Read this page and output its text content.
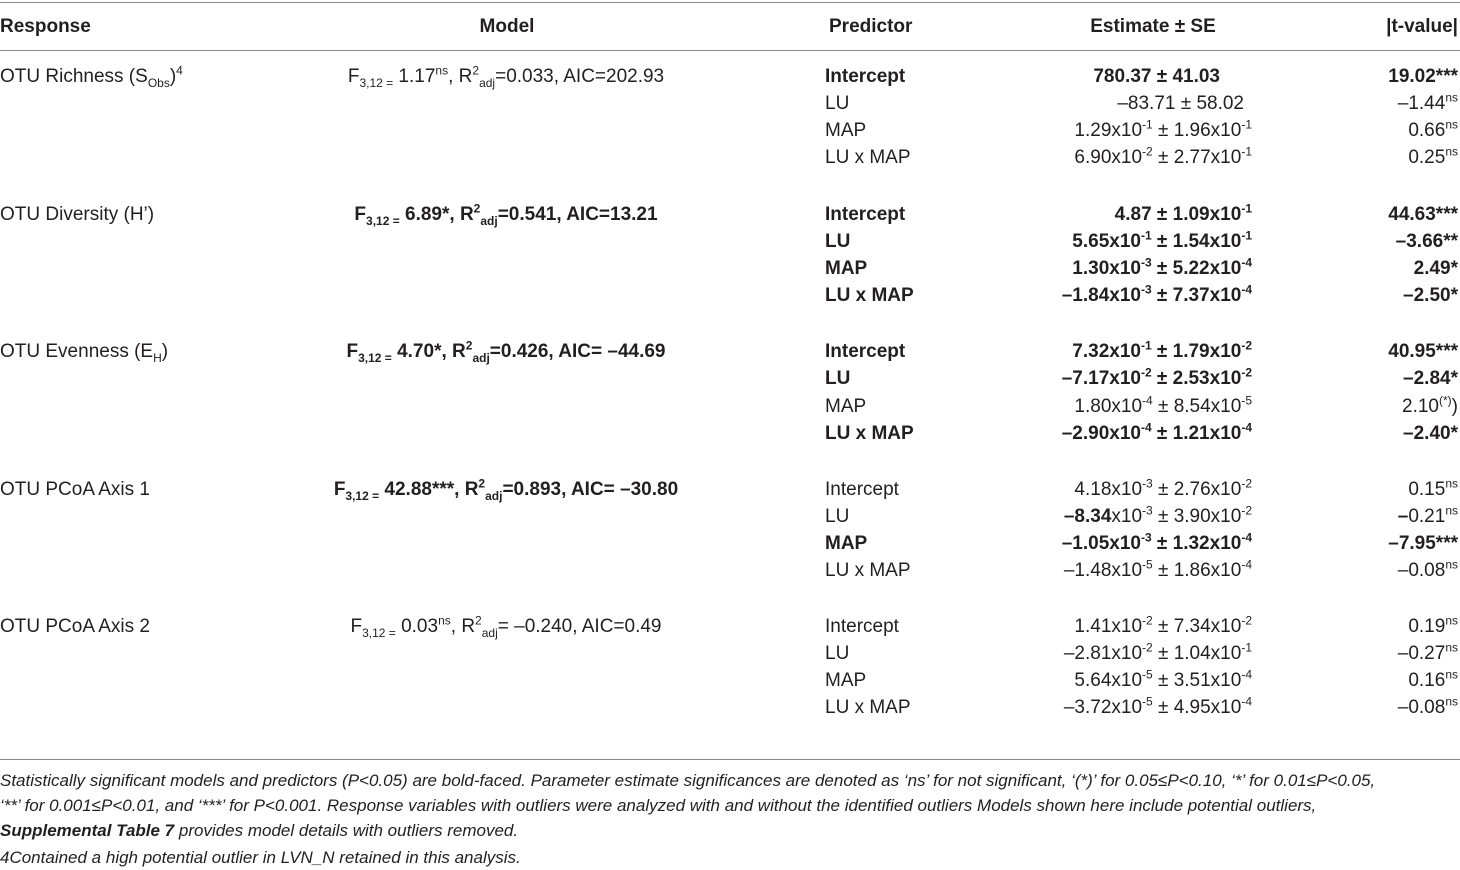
Response	Model	Predictor	Estimate ± SE	|t-value|
OTU Richness $(S_{Obs})^4$	$F_{3,12 =}$ $1.17^{ns}$, $R^2_{adj}=0.033$, AIC=202.93	Intercept	780.37 ± 41.03	19.02***
LU	–83.71 ± 58.02	$-1.44^{ns}$
MAP	$1.29x10^{-1} \pm 1.96x10^{-1}$	$0.66^{ns}$
LU x MAP	$6.90x10^{-2} \pm 2.77x10^{-1}$	$0.25^{ns}$
OTU Diversity (H’)	$F_{3,12 =}$ 6.89*, $R^2_{adj}=0.541$, AIC=13.21	Intercept	$4.87 \pm 1.09x10^{-1}$	44.63***
LU	$5.65x10^{-1} \pm 1.54x10^{-1}$	–3.66**
MAP	$1.30x10^{-3} \pm 5.22x10^{-4}$	2.49*
LU x MAP	$-1.84x10^{-3} \pm 7.37x10^{-4}$	–2.50*
OTU Evenness $(E_H)$	$F_{3,12 =}$ 4.70*, $R^2_{adj}=0.426$, AIC= –44.69	Intercept	$7.32x10^{-1} \pm 1.79x10^{-2}$	40.95***
LU	$-7.17x10^{-2} \pm 2.53x10^{-2}$	–2.84*
MAP	$1.80x10^{-4} \pm 8.54x10^{-5}$	2.10(*))
LU x MAP	$-2.90x10^{-4} \pm 1.21x10^{-4}$	–2.40*
OTU PCoA Axis 1	$F_{3,12 =}$ 42.88***, $R^2_{adj}=0.893$, AIC= –30.80	Intercept	$4.18x10^{-3} \pm 2.76x10^{-2}$	$0.15^{ns}$
LU	$-8.34x10^{-3} \pm 3.90x10^{-2}$	$-0.21^{ns}$
MAP	$-1.05x10^{-3} \pm 1.32x10^{-4}$	–7.95***
LU x MAP	$-1.48x10^{-5} \pm 1.86x10^{-4}$	$-0.08^{ns}$
OTU PCoA Axis 2	$F_{3,12 =}$ $0.03^{ns}$, $R^2_{adj}= -0.240$, AIC=0.49	Intercept	$1.41x10^{-2} \pm 7.34x10^{-2}$	$0.19^{ns}$
LU	$-2.81x10^{-2} \pm 1.04x10^{-1}$	$-0.27^{ns}$
MAP	$5.64x10^{-5} \pm 3.51x10^{-4}$	$0.16^{ns}$
LU x MAP	$-3.72x10^{-5} \pm 4.95x10^{-4}$	$-0.08^{ns}$
Statistically significant models and predictors (P<0.05) are bold-faced. Parameter estimate significances are denoted as ‘ns’ for not significant, ‘(*)’ for 0.05≤P<0.10, ‘*’ for 0.01≤P<0.05,
‘**’ for 0.001≤P<0.01, and ‘***’ for P<0.001. Response variables with outliers were analyzed with and without the identified outliers Models shown here include potential outliers,
Supplemental Table 7 provides model details with outliers removed.
4Contained a high potential outlier in LVN_N retained in this analysis.
